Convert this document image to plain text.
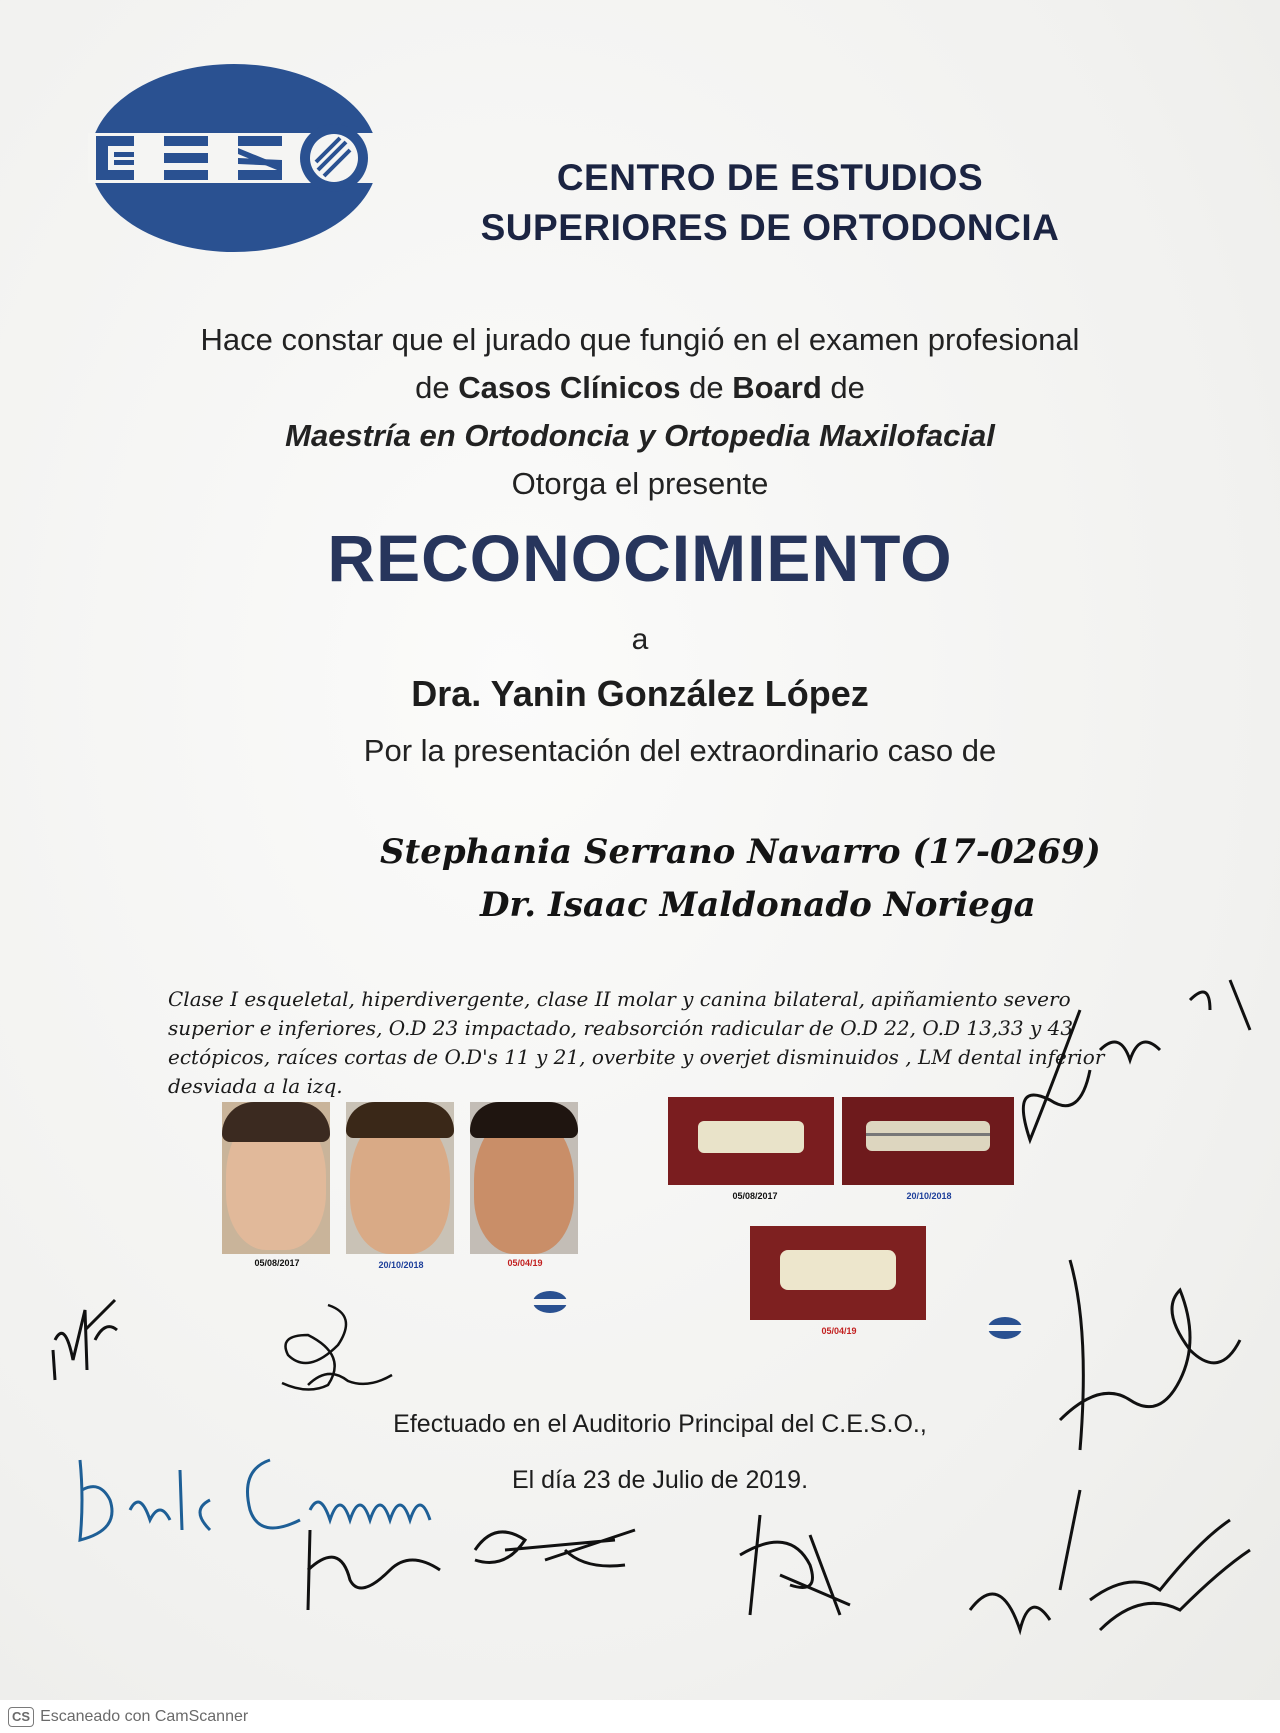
CENTRO DE ESTUDIOS
SUPERIORES DE ORTODONCIA
Hace constar que el jurado que fungió en el examen profesional
de Casos Clínicos de Board de
Maestría en Ortodoncia y Ortopedia Maxilofacial
Otorga el presente
RECONOCIMIENTO
a
Dra. Yanin González López
Por la presentación del extraordinario caso de
Stephania Serrano Navarro (17-0269)
Dr. Isaac Maldonado Noriega
Clase I esqueletal, hiperdivergente, clase II molar y canina bilateral, apiñamiento severo superior e inferiores, O.D 23 impactado, reabsorción radicular de O.D 22, O.D 13,33 y 43 ectópicos, raíces cortas de O.D's 11 y 21, overbite y overjet disminuidos , LM dental inferior desviada a la izq.
05/08/2017	20/10/2018	05/04/19
05/08/2017	20/10/2018
05/04/19
Efectuado en el Auditorio Principal del C.E.S.O.,
El día 23 de Julio de 2019.
CS Escaneado con CamScanner
